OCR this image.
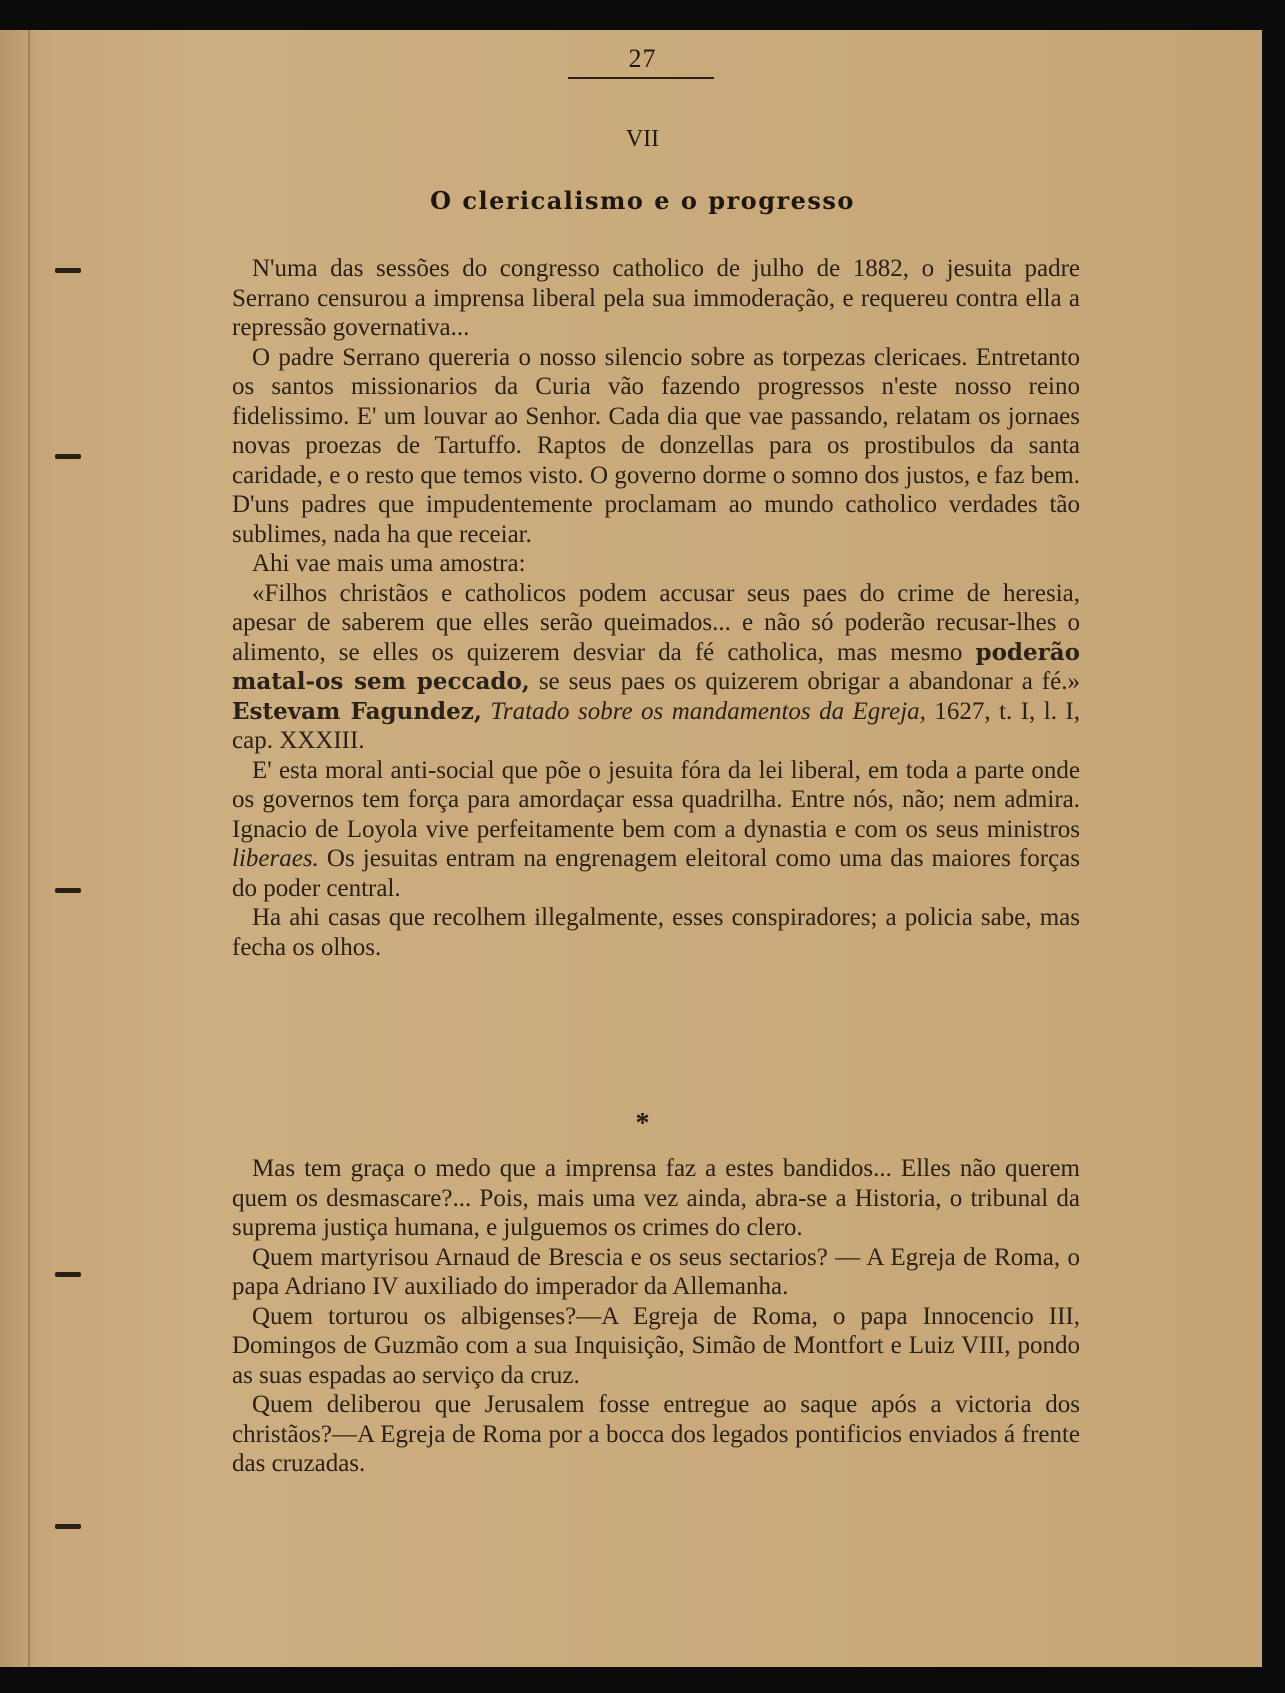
27
VII
O clericalismo e o progresso

N'uma das sessões do congresso catholico de julho de 1882, o jesuita padre Serrano censurou a imprensa liberal pela sua immoderação, e requereu contra ella a repressão governativa...

O padre Serrano quereria o nosso silencio sobre as torpezas clericaes. Entretanto os santos missionarios da Curia vão fazendo progressos n'este nosso reino fidelissimo. E' um louvar ao Senhor. Cada dia que vae passando, relatam os jornaes novas proezas de Tartuffo. Raptos de donzellas para os prostibulos da santa caridade, e o resto que temos visto. O governo dorme o somno dos justos, e faz bem. D'uns padres que impudentemente proclamam ao mundo catholico verdades tão sublimes, nada ha que receiar.

Ahi vae mais uma amostra:

«Filhos christãos e catholicos podem accusar seus paes do crime de heresia, apesar de saberem que elles serão queimados... e não só poderão recusar-lhes o alimento, se elles os quizerem desviar da fé catholica, mas mesmo poderão matal-os sem peccado, se seus paes os quizerem obrigar a abandonar a fé.» Estevam Fagundez, Tratado sobre os mandamentos da Egreja, 1627, t. I, l. I, cap. XXXIII.

E' esta moral anti-social que põe o jesuita fóra da lei liberal, em toda a parte onde os governos tem força para amordaçar essa quadrilha. Entre nós, não; nem admira. Ignacio de Loyola vive perfeitamente bem com a dynastia e com os seus ministros liberaes. Os jesuitas entram na engrenagem eleitoral como uma das maiores forças do poder central.

Ha ahi casas que recolhem illegalmente, esses conspiradores; a policia sabe, mas fecha os olhos.

*

Mas tem graça o medo que a imprensa faz a estes bandidos... Elles não querem quem os desmascare?... Pois, mais uma vez ainda, abra-se a Historia, o tribunal da suprema justiça humana, e julguemos os crimes do clero.

Quem martyrisou Arnaud de Brescia e os seus sectarios? — A Egreja de Roma, o papa Adriano IV auxiliado do imperador da Allemanha.

Quem torturou os albigenses?—A Egreja de Roma, o papa Innocencio III, Domingos de Guzmão com a sua Inquisição, Simão de Montfort e Luiz VIII, pondo as suas espadas ao serviço da cruz.

Quem deliberou que Jerusalem fosse entregue ao saque após a victoria dos christãos?—A Egreja de Roma por a bocca dos legados pontificios enviados á frente das cruzadas.
